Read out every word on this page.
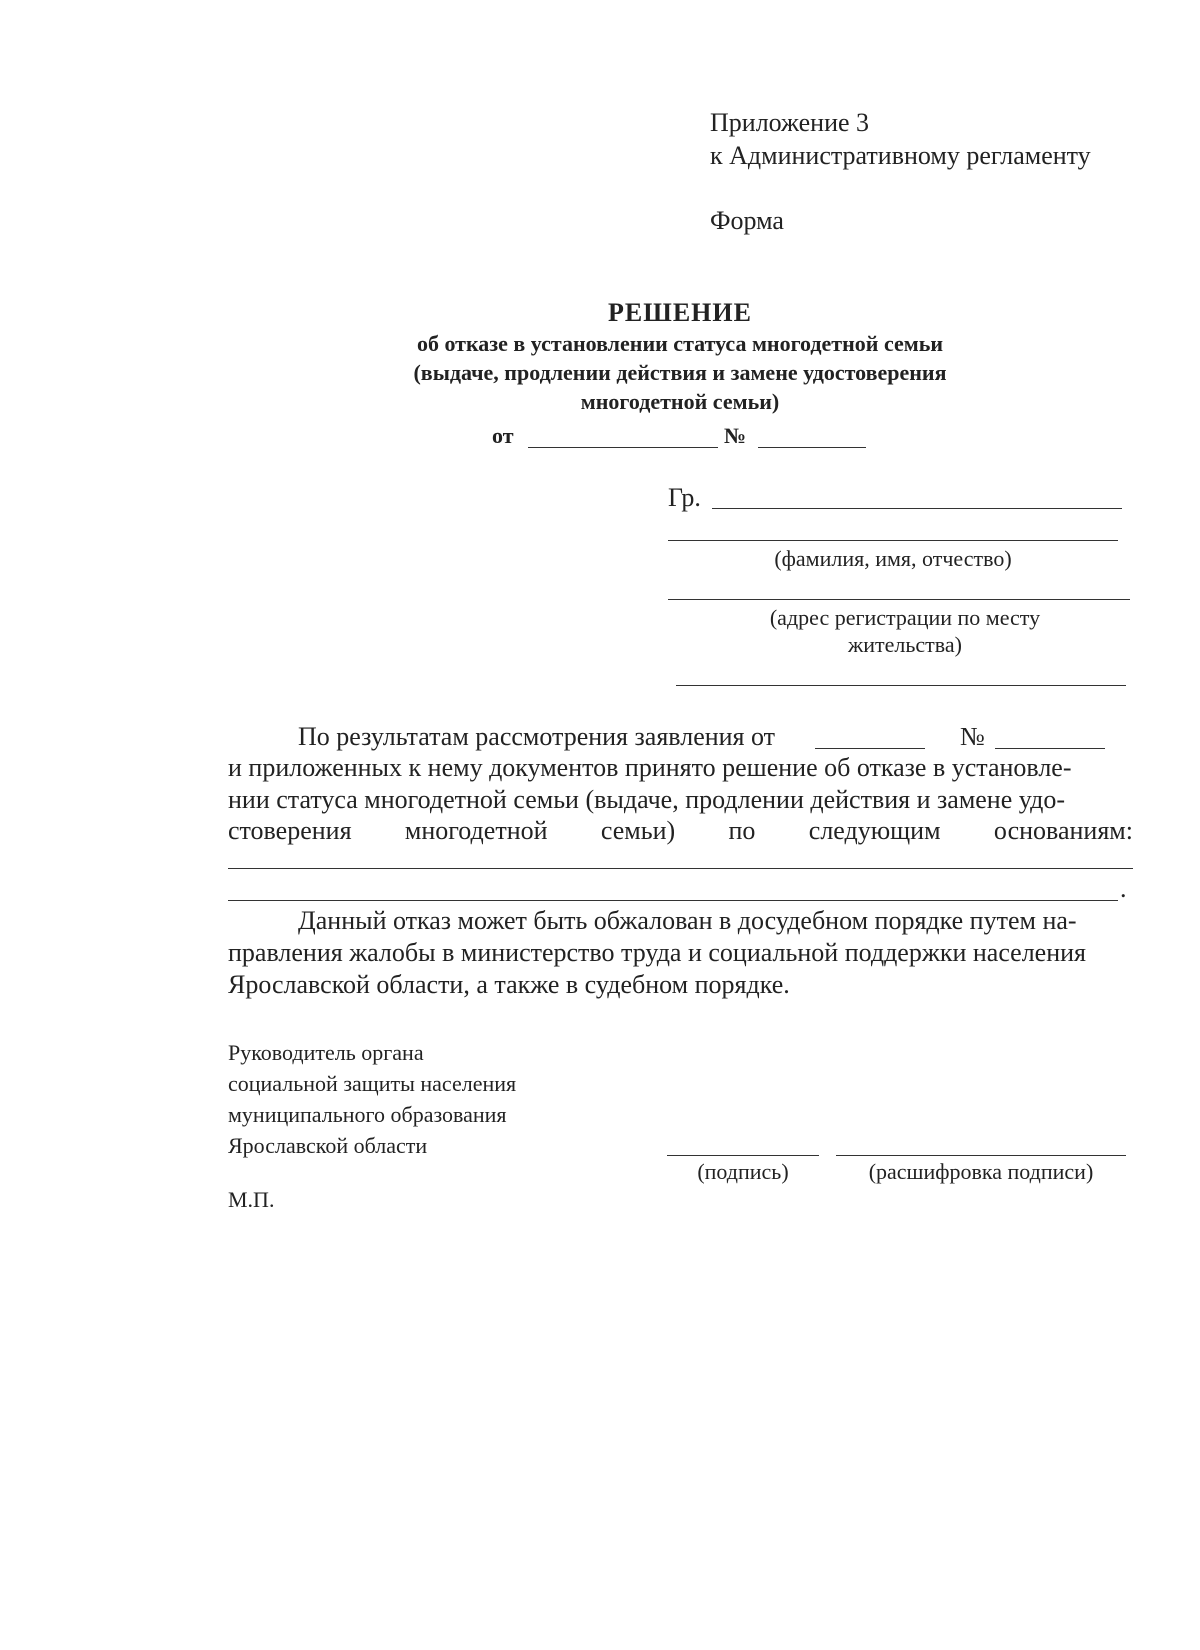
Приложение 3
к Административному регламенту
Форма
РЕШЕНИЕ
об отказе в установлении статуса многодетной семьи
(выдаче, продлении действия и замене удостоверения
многодетной семьи)
от	№
Гр.
(фамилия, имя, отчество)
(адрес регистрации по месту
жительства)
По результатам рассмотрения заявления от	№
и приложенных к нему документов принято решение об отказе в установле-
нии статуса многодетной семьи (выдаче, продлении действия и замене удо-
стоверения многодетной семьи) по следующим основаниям:
.
Данный отказ может быть обжалован в досудебном порядке путем на-
правления жалобы в министерство труда и социальной поддержки населения
Ярославской области, а также в судебном порядке.
Руководитель органа
социальной защиты населения
муниципального образования
Ярославской области
(подпись)	(расшифровка подписи)
М.П.
